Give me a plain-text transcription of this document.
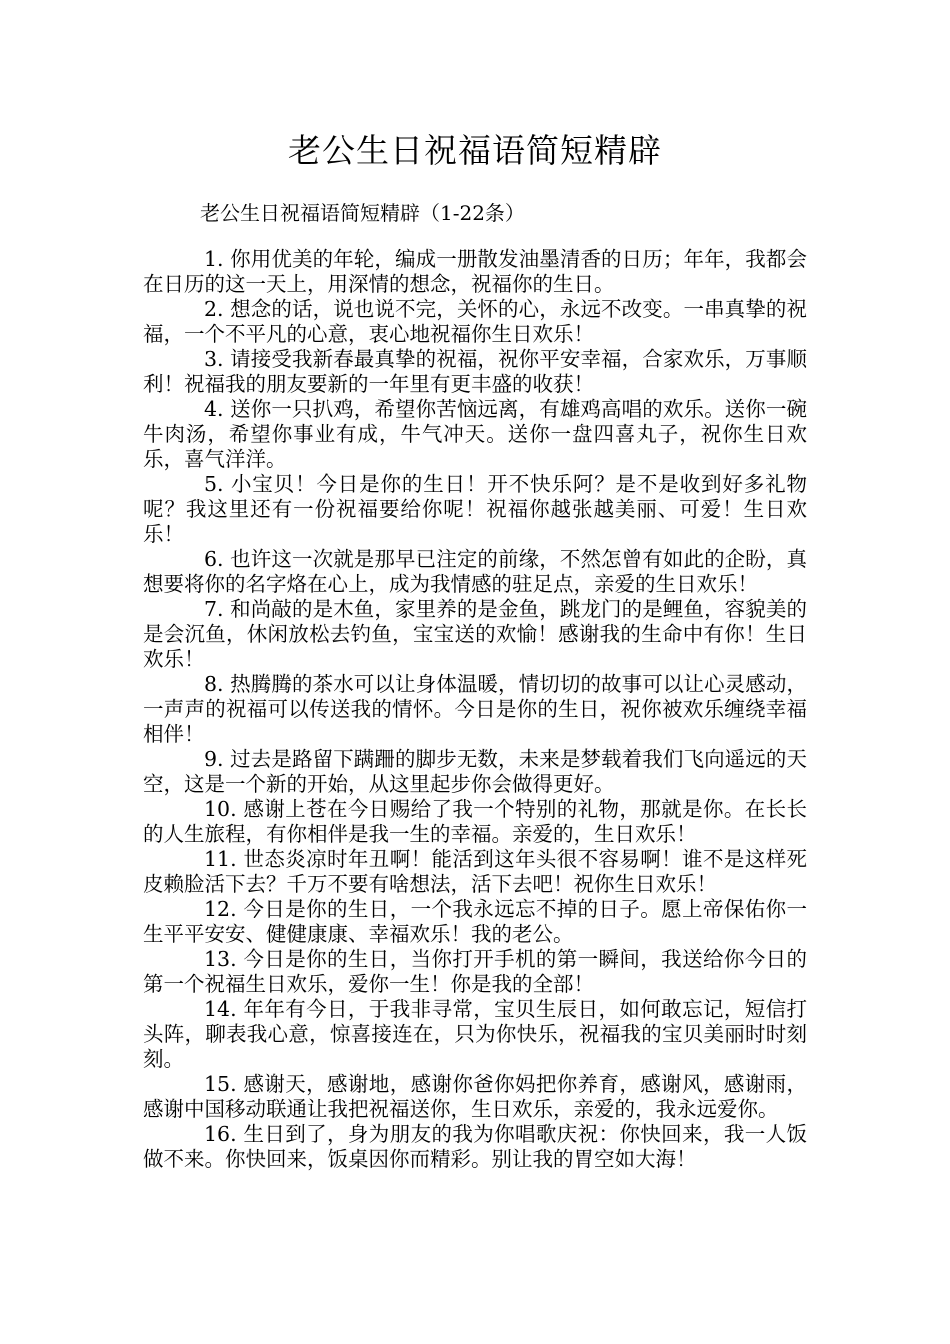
老公生日祝福语简短精辟

老公生日祝福语简短精辟（1-22条）

1. 你用优美的年轮，编成一册散发油墨清香的日历；年年，我都会在日历的这一天上，用深情的想念，祝福你的生日。

2. 想念的话，说也说不完，关怀的心，永远不改变。一串真挚的祝福，一个不平凡的心意，衷心地祝福你生日欢乐！

3. 请接受我新春最真挚的祝福，祝你平安幸福，合家欢乐，万事顺利！祝福我的朋友要新的一年里有更丰盛的收获！

4. 送你一只扒鸡，希望你苦恼远离，有雄鸡高唱的欢乐。送你一碗牛肉汤，希望你事业有成，牛气冲天。送你一盘四喜丸子，祝你生日欢乐，喜气洋洋。

5. 小宝贝！今日是你的生日！开不快乐阿？是不是收到好多礼物呢？我这里还有一份祝福要给你呢！祝福你越张越美丽、可爱！生日欢乐！

6. 也许这一次就是那早已注定的前缘，不然怎曾有如此的企盼，真想要将你的名字烙在心上，成为我情感的驻足点，亲爱的生日欢乐！

7. 和尚敲的是木鱼，家里养的是金鱼，跳龙门的是鲤鱼，容貌美的是会沉鱼，休闲放松去钓鱼，宝宝送的欢愉！感谢我的生命中有你！生日欢乐！

8. 热腾腾的茶水可以让身体温暖，情切切的故事可以让心灵感动，一声声的祝福可以传送我的情怀。今日是你的生日，祝你被欢乐缠绕幸福相伴！

9. 过去是路留下蹒跚的脚步无数，未来是梦载着我们飞向遥远的天空，这是一个新的开始，从这里起步你会做得更好。

10. 感谢上苍在今日赐给了我一个特别的礼物，那就是你。在长长的人生旅程，有你相伴是我一生的幸福。亲爱的，生日欢乐！

11. 世态炎凉时年丑啊！能活到这年头很不容易啊！谁不是这样死皮赖脸活下去？千万不要有啥想法，活下去吧！祝你生日欢乐！

12. 今日是你的生日，一个我永远忘不掉的日子。愿上帝保佑你一生平平安安、健健康康、幸福欢乐！我的老公。

13. 今日是你的生日，当你打开手机的第一瞬间，我送给你今日的第一个祝福生日欢乐，爱你一生！你是我的全部！

14. 年年有今日，于我非寻常，宝贝生辰日，如何敢忘记，短信打头阵，聊表我心意，惊喜接连在，只为你快乐，祝福我的宝贝美丽时时刻刻。

15. 感谢天，感谢地，感谢你爸你妈把你养育，感谢风，感谢雨，感谢中国移动联通让我把祝福送你，生日欢乐，亲爱的，我永远爱你。

16. 生日到了，身为朋友的我为你唱歌庆祝：你快回来，我一人饭做不来。你快回来，饭桌因你而精彩。别让我的胃空如大海！
